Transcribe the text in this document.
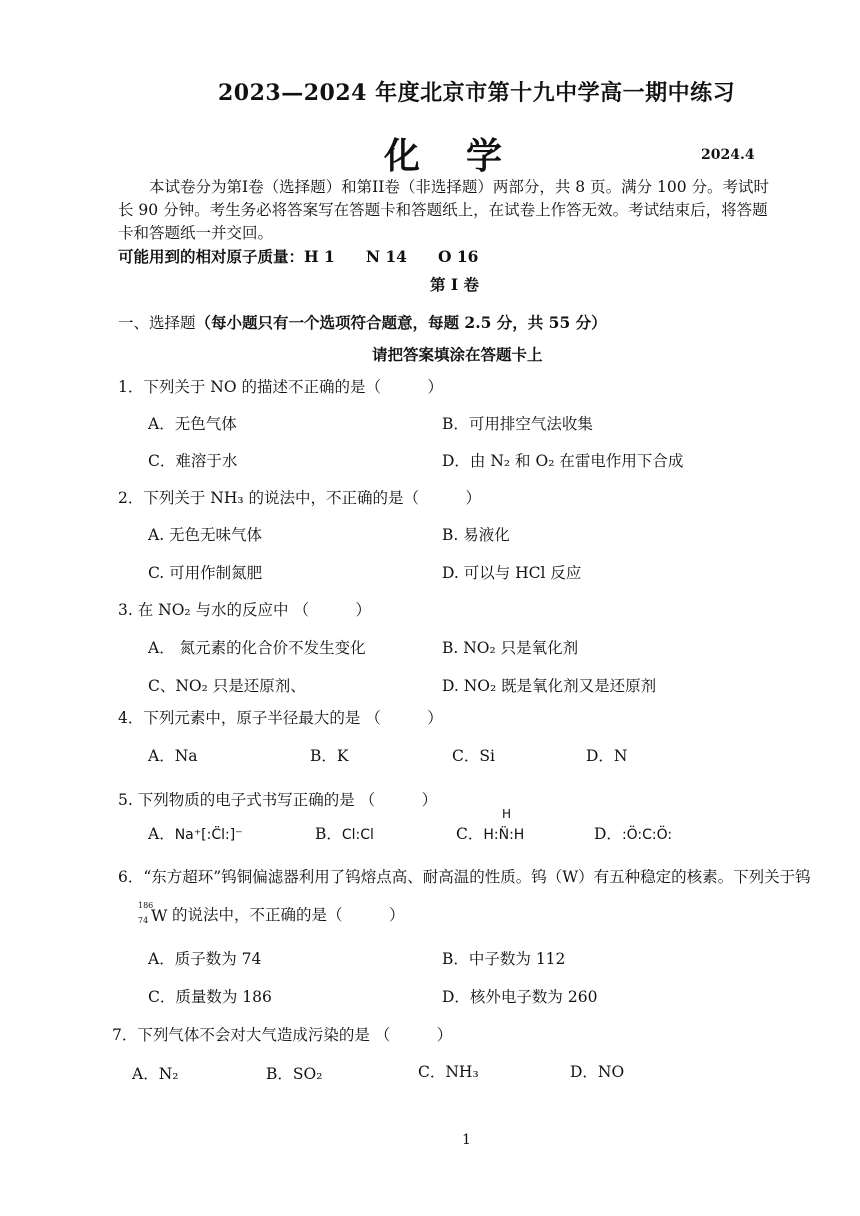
2023—2024 年度北京市第十九中学高一期中练习
化学	2024.4
本试卷分为第I卷（选择题）和第II卷（非选择题）两部分，共 8 页。满分 100 分。考试时长 90 分钟。考生务必将答案写在答题卡和答题纸上，在试卷上作答无效。考试结束后，将答题卡和答题纸一并交回。
可能用到的相对原子质量：H 1　　N 14　　O 16
第 I 卷
一、选择题（每小题只有一个选项符合题意，每题 2.5 分，共 55 分）
请把答案填涂在答题卡上
1．下列关于 NO 的描述不正确的是（　　　）
A．无色气体	B．可用排空气法收集
C．难溶于水	D．由 N₂ 和 O₂ 在雷电作用下合成
2．下列关于 NH₃ 的说法中，不正确的是（　　　）
A. 无色无味气体	B. 易液化
C. 可用作制氮肥	D. 可以与 HCl 反应
3. 在 NO₂ 与水的反应中 （　　　）
A． 氮元素的化合价不发生变化	B. NO₂ 只是氧化剂
C、NO₂ 只是还原剂、	D. NO₂ 既是氧化剂又是还原剂
4．下列元素中，原子半径最大的是 （　　　）
A．Na	B．K	C．Si	D．N
5. 下列物质的电子式书写正确的是 （　　　）
A．Na⁺[:C̈l:]⁻	B．Cl:Cl
H
C．H:N̈:H	D．:Ö:C:Ö:
6．“东方超环”钨铜偏滤器利用了钨熔点高、耐高温的性质。钨（W）有五种稳定的核素。下列关于钨
186
74 W 的说法中，不正确的是（　　　）
A．质子数为 74	B．中子数为 112
C．质量数为 186	D．核外电子数为 260
7．下列气体不会对大气造成污染的是 （　　　）
A．N₂	B．SO₂	C．NH₃	D．NO
1
